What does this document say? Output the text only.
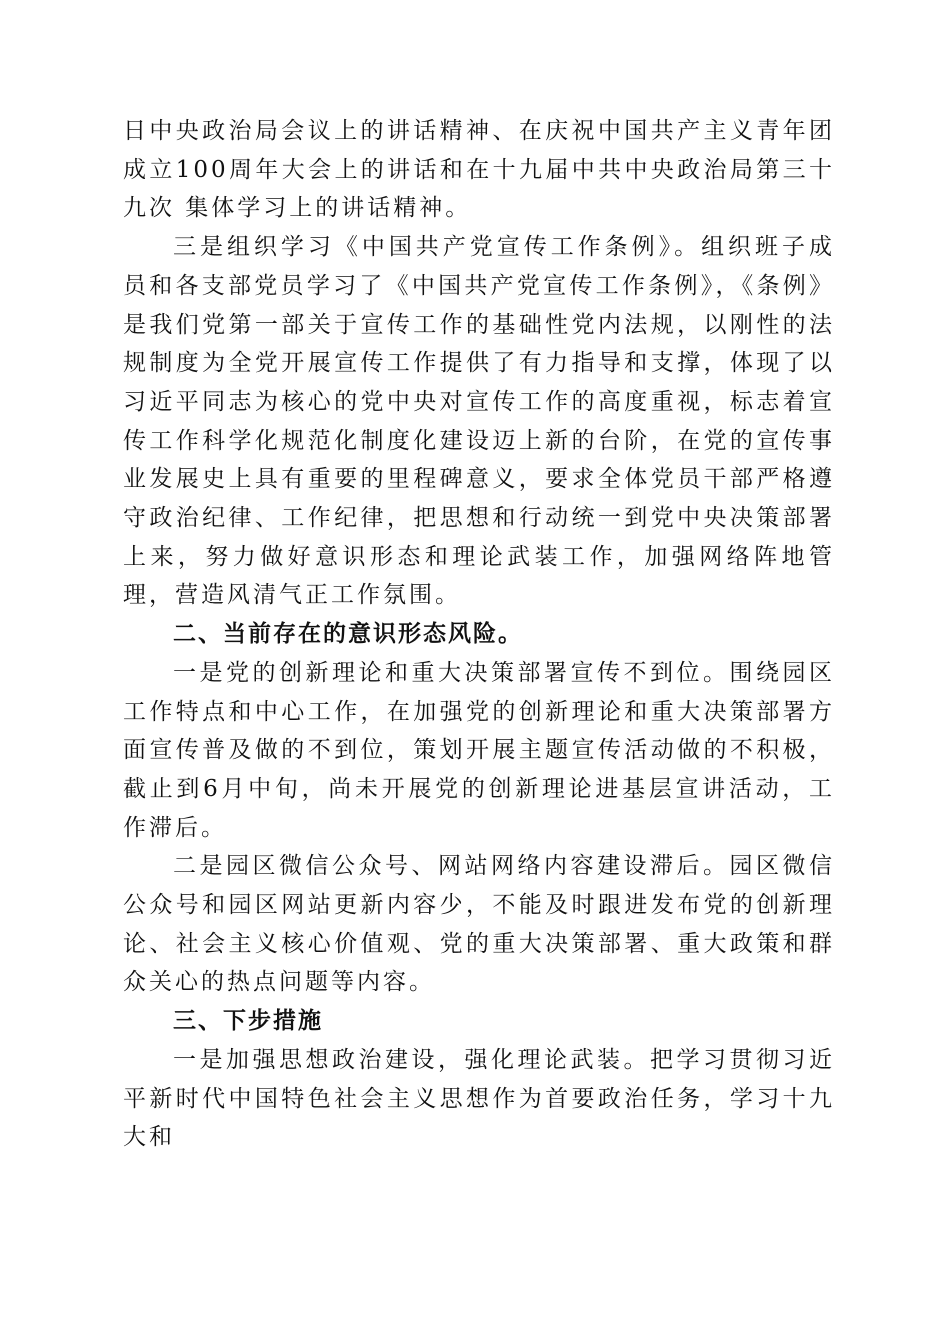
日中央政治局会议上的讲话精神、在庆祝中国共产主义青年团成立100周年大会上的讲话和在十九届中共中央政治局第三十九次 集体学习上的讲话精神。

三是组织学习《中国共产党宣传工作条例》。组织班子成员和各支部党员学习了《中国共产党宣传工作条例》，《条例》是我们党第一部关于宣传工作的基础性党内法规，以刚性的法规制度为全党开展宣传工作提供了有力指导和支撑，体现了以习近平同志为核心的党中央对宣传工作的高度重视，标志着宣传工作科学化规范化制度化建设迈上新的台阶，在党的宣传事业发展史上具有重要的里程碑意义，要求全体党员干部严格遵守政治纪律、工作纪律，把思想和行动统一到党中央决策部署上来，努力做好意识形态和理论武装工作，加强网络阵地管理，营造风清气正工作氛围。

二、当前存在的意识形态风险。

一是党的创新理论和重大决策部署宣传不到位。围绕园区工作特点和中心工作，在加强党的创新理论和重大决策部署方面宣传普及做的不到位，策划开展主题宣传活动做的不积极，截止到6月中旬，尚未开展党的创新理论进基层宣讲活动，工作滞后。

二是园区微信公众号、网站网络内容建设滞后。园区微信公众号和园区网站更新内容少，不能及时跟进发布党的创新理论、社会主义核心价值观、党的重大决策部署、重大政策和群众关心的热点问题等内容。

三、下步措施

一是加强思想政治建设，强化理论武装。把学习贯彻习近平新时代中国特色社会主义思想作为首要政治任务，学习十九大和
